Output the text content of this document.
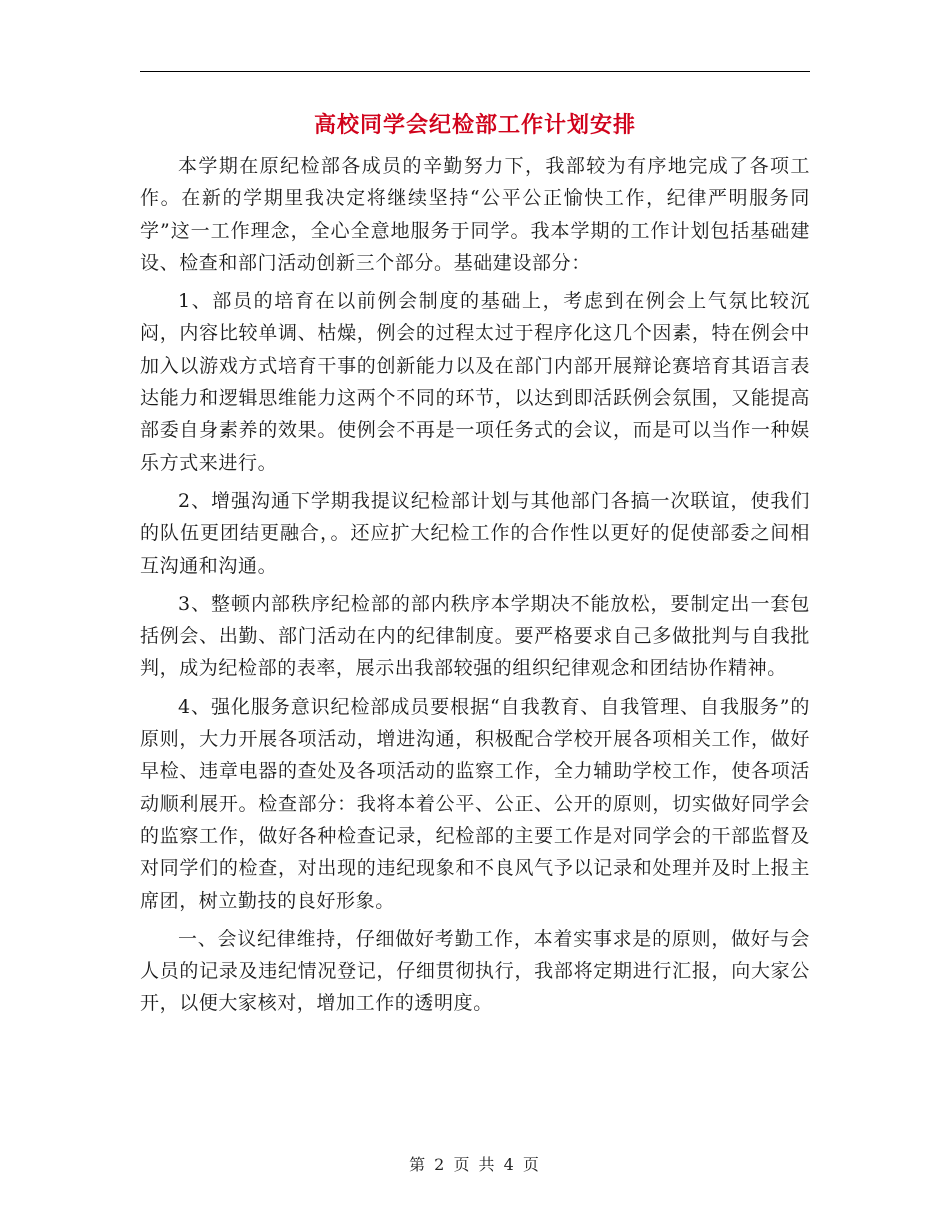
高校同学会纪检部工作计划安排

本学期在原纪检部各成员的辛勤努力下，我部较为有序地完成了各项工作。在新的学期里我决定将继续坚持“公平公正愉快工作，纪律严明服务同学”这一工作理念，全心全意地服务于同学。我本学期的工作计划包括基础建设、检查和部门活动创新三个部分。基础建设部分：

1、部员的培育在以前例会制度的基础上，考虑到在例会上气氛比较沉闷，内容比较单调、枯燥，例会的过程太过于程序化这几个因素，特在例会中加入以游戏方式培育干事的创新能力以及在部门内部开展辩论赛培育其语言表达能力和逻辑思维能力这两个不同的环节，以达到即活跃例会氛围，又能提高部委自身素养的效果。使例会不再是一项任务式的会议，而是可以当作一种娱乐方式来进行。

2、增强沟通下学期我提议纪检部计划与其他部门各搞一次联谊，使我们的队伍更团结更融合，。还应扩大纪检工作的合作性以更好的促使部委之间相互沟通和沟通。

3、整顿内部秩序纪检部的部内秩序本学期决不能放松，要制定出一套包括例会、出勤、部门活动在内的纪律制度。要严格要求自己多做批判与自我批判，成为纪检部的表率，展示出我部较强的组织纪律观念和团结协作精神。

4、强化服务意识纪检部成员要根据“自我教育、自我管理、自我服务”的原则，大力开展各项活动，增进沟通，积极配合学校开展各项相关工作，做好早检、违章电器的查处及各项活动的监察工作，全力辅助学校工作，使各项活动顺利展开。检查部分：我将本着公平、公正、公开的原则，切实做好同学会的监察工作，做好各种检查记录，纪检部的主要工作是对同学会的干部监督及对同学们的检查，对出现的违纪现象和不良风气予以记录和处理并及时上报主席团，树立勤技的良好形象。

一、会议纪律维持，仔细做好考勤工作，本着实事求是的原则，做好与会人员的记录及违纪情况登记，仔细贯彻执行，我部将定期进行汇报，向大家公开，以便大家核对，增加工作的透明度。

第 2 页 共 4 页
